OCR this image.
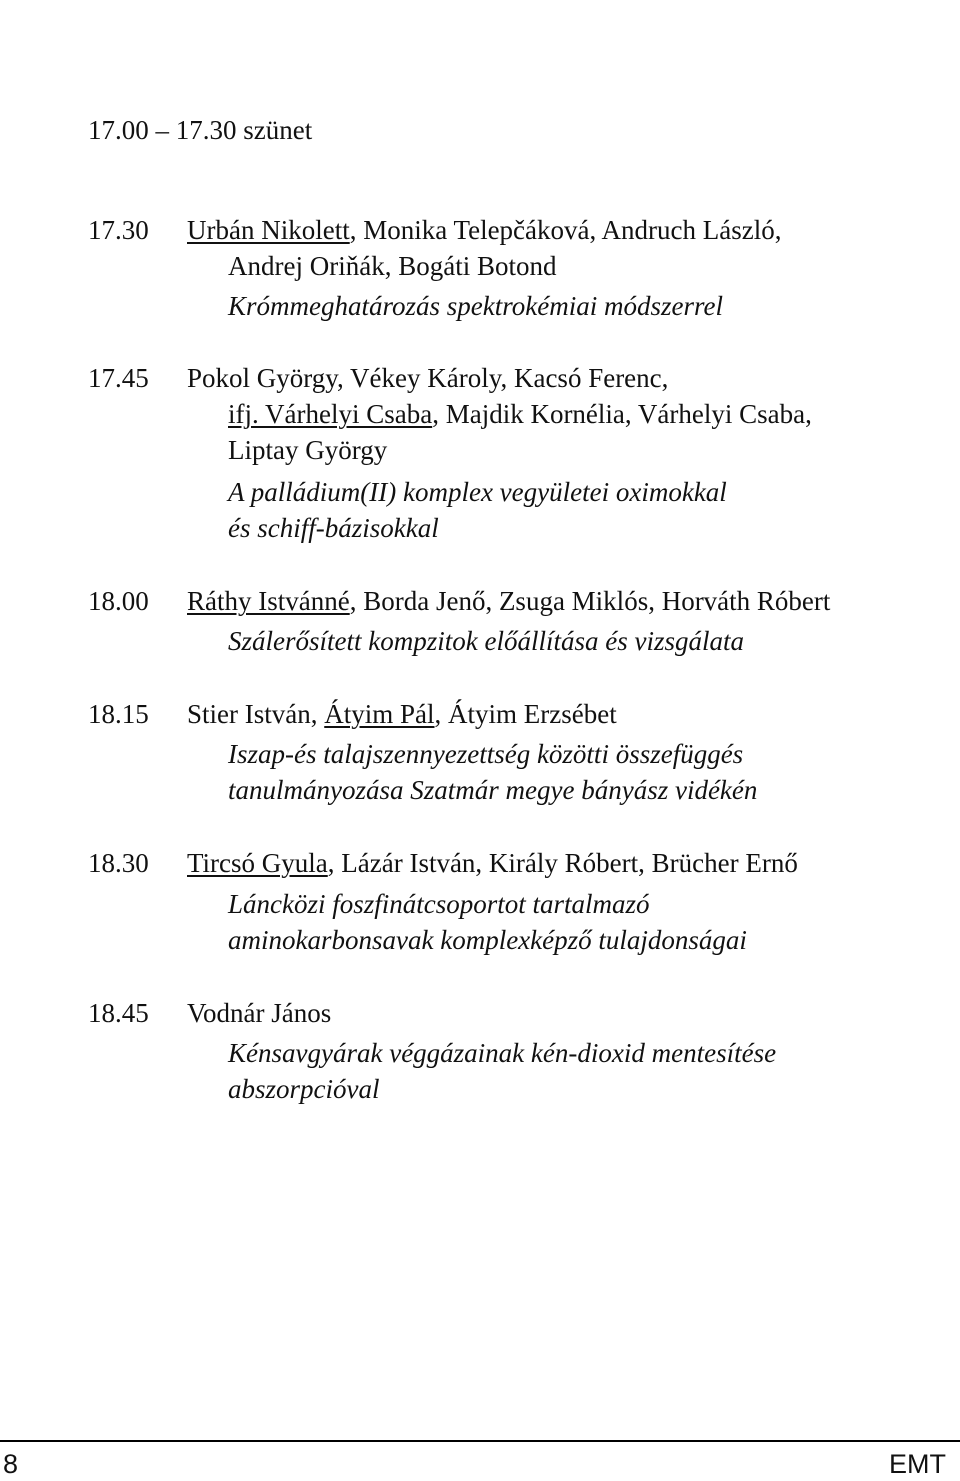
17.00 – 17.30 szünet
17.30 Urbán Nikolett, Monika Telepčáková, Andruch László,
Andrej Oriňák, Bogáti Botond
Krómmeghatározás spektrokémiai módszerrel
17.45 Pokol György, Vékey Károly, Kacsó Ferenc,
ifj. Várhelyi Csaba, Majdik Kornélia, Várhelyi Csaba,
Liptay György
A palládium(II) komplex vegyületei oximokkal
és schiff-bázisokkal
18.00 Ráthy Istvánné, Borda Jenő, Zsuga Miklós, Horváth Róbert
Szálerősített kompzitok előállítása és vizsgálata
18.15 Stier István, Átyim Pál, Átyim Erzsébet
Iszap-és talajszennyezettség közötti összefüggés
tanulmányozása Szatmár megye bányász vidékén
18.30 Tircsó Gyula, Lázár István, Király Róbert, Brücher Ernő
Láncközi foszfinátcsoportot tartalmazó
aminokarbonsavak komplexképző tulajdonságai
18.45 Vodnár János
Kénsavgyárak véggázainak kén-dioxid mentesítése
abszorpcióval
8	EMT
